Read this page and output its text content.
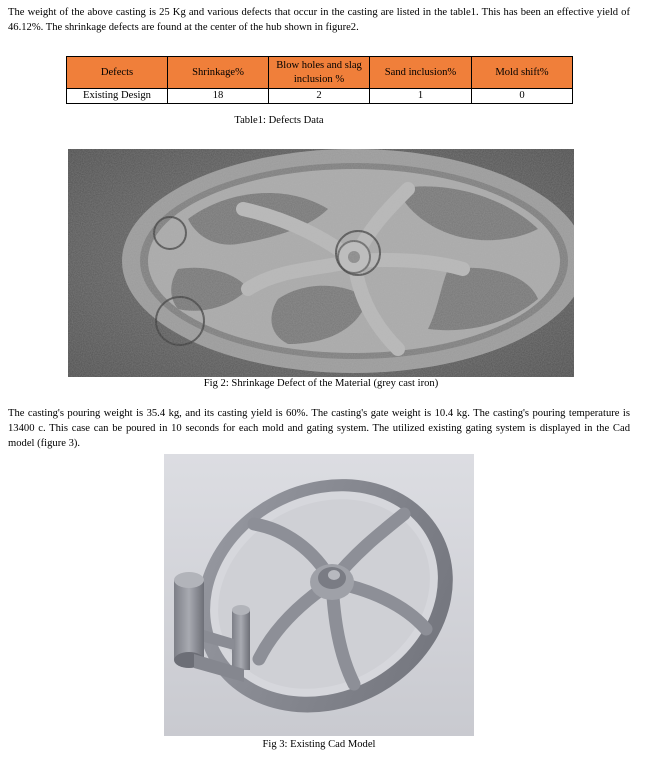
The weight of the above casting is 25 Kg and various defects that occur in the casting are listed in the table1. This has been an effective yield of 46.12%. The shrinkage defects are found at the center of the hub shown in figure2.

Defects	Shrinkage%	Blow holes and slag inclusion %	Sand inclusion%	Mold shift%
Existing Design	18	2	1	0
Table1: Defects Data
Fig 2: Shrinkage Defect of the Material (grey cast iron)

The casting's pouring weight is 35.4 kg, and its casting yield is 60%. The casting's gate weight is 10.4 kg. The casting's pouring temperature is 13400 c. This case can be poured in 10 seconds for each mold and gating system. The utilized existing gating system is displayed in the Cad model (figure 3).

Fig 3: Existing Cad Model
